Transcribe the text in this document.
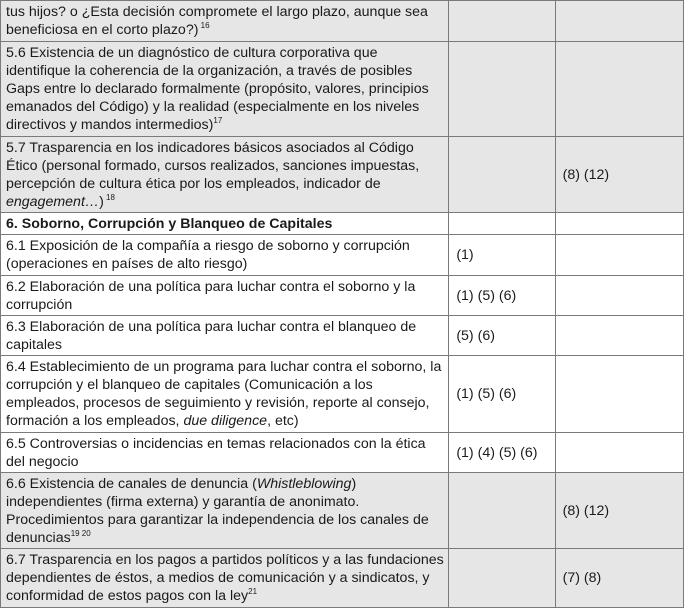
tus hijos? o ¿Esta decisión compromete el largo plazo, aunque sea beneficiosa en el corto plazo?) $^{16}$		
5.6 Existencia de un diagnóstico de cultura corporativa que identifique la coherencia de la organización, a través de posibles Gaps entre lo declarado formalmente (propósito, valores, principios emanados del Código) y la realidad (especialmente en los niveles directivos y mandos intermedios)$^{17}$		
5.7 Trasparencia en los indicadores básicos asociados al Código Ético (personal formado, cursos realizados, sanciones impuestas, percepción de cultura ética por los empleados, indicador de engagement…) $^{18}$		(8) (12)
6. Soborno, Corrupción y Blanqueo de Capitales		
6.1 Exposición de la compañía a riesgo de soborno y corrupción (operaciones en países de alto riesgo)	(1)	
6.2 Elaboración de una política para luchar contra el soborno y la corrupción	(1) (5) (6)	
6.3 Elaboración de una política para luchar contra el blanqueo de capitales	(5) (6)	
6.4 Establecimiento de un programa para luchar contra el soborno, la corrupción y el blanqueo de capitales (Comunicación a los empleados, procesos de seguimiento y revisión, reporte al consejo, formación a los empleados, due diligence, etc)	(1) (5) (6)	
6.5 Controversias o incidencias en temas relacionados con la ética del negocio	(1) (4) (5) (6)	
6.6 Existencia de canales de denuncia (Whistleblowing) independientes (firma externa) y garantía de anonimato. Procedimientos para garantizar la independencia de los canales de denuncias$^{19 20}$		(8) (12)
6.7 Trasparencia en los pagos a partidos políticos y a las fundaciones dependientes de éstos, a medios de comunicación y a sindicatos, y conformidad de estos pagos con la ley$^{21}$		(7) (8)
